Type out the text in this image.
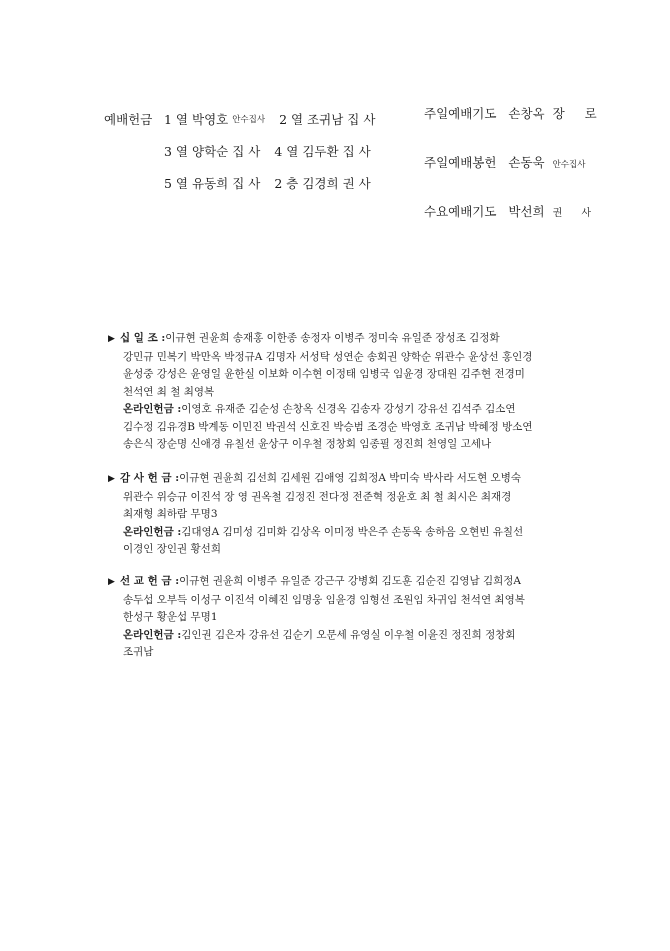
예배헌금 1 열
박영호
안수집사 2 열
조귀남
집 사
3 열
양학순
집 사 4 열
김두환
집 사
5 열
유동희
집 사 2 층
김경희
권 사
주일예배기도 손창옥 장 로
주일예배봉헌 손동욱 안수집사
수요예배기도 박선희 권 사

▶ 십 일 조 :이규현 권윤희 송재홍 이한종 송정자 이병주 정미숙 유일준 장성조 김정화

강민규 민복기 박만옥 박정규A 김명자 서성탁 성연순 송회권 양학순 위관수 윤상선 홍인경

윤성중 강성은 윤영일 윤한실 이보화 이수현 이정태 임병국 임윤경 장대원 김주현 전경미

천석연 최 철 최영복

온라인헌금 :이영호 유재준 김순성 손창옥 신경옥 김송자 강성기 강유선 김석주 김소연

김수정 김유경B 박계동 이민진 박권석 신호진 박승범 조경순 박영호 조귀남 박혜정 방소연

송은식 장순명 신애경 유칠선 윤상구 이우철 정창회 임종필 정진희 천영일 고세나

▶ 감 사 헌 금 :이규현 권윤희 김선희 김세원 김애영 김희정A 박미숙 박사라 서도현 오병숙

위관수 위승규 이진석 장 영 권옥철 김정진 전다정 전준혁 정윤호 최 철 최시은 최재경

최재형 최하람 무명3

온라인헌금 :김대영A 김미성 김미화 김상옥 이미정 박은주 손동욱 송하음 오현빈 유칠선

이경인 장인권 황선희

▶ 선 교 헌 금 :이규현 권윤희 이병주 유일준 강근구 강병회 김도훈 김순진 김영남 김희정A

송두섭 오부득 이성구 이진석 이혜진 임명웅 임윤경 임형선 조원임 차귀임 천석연 최영복

한성구 황운섭 무명1

온라인헌금 :김인권 김은자 강유선 김순기 오문세 유영실 이우철 이윤진 정진희 정창회

조귀남
